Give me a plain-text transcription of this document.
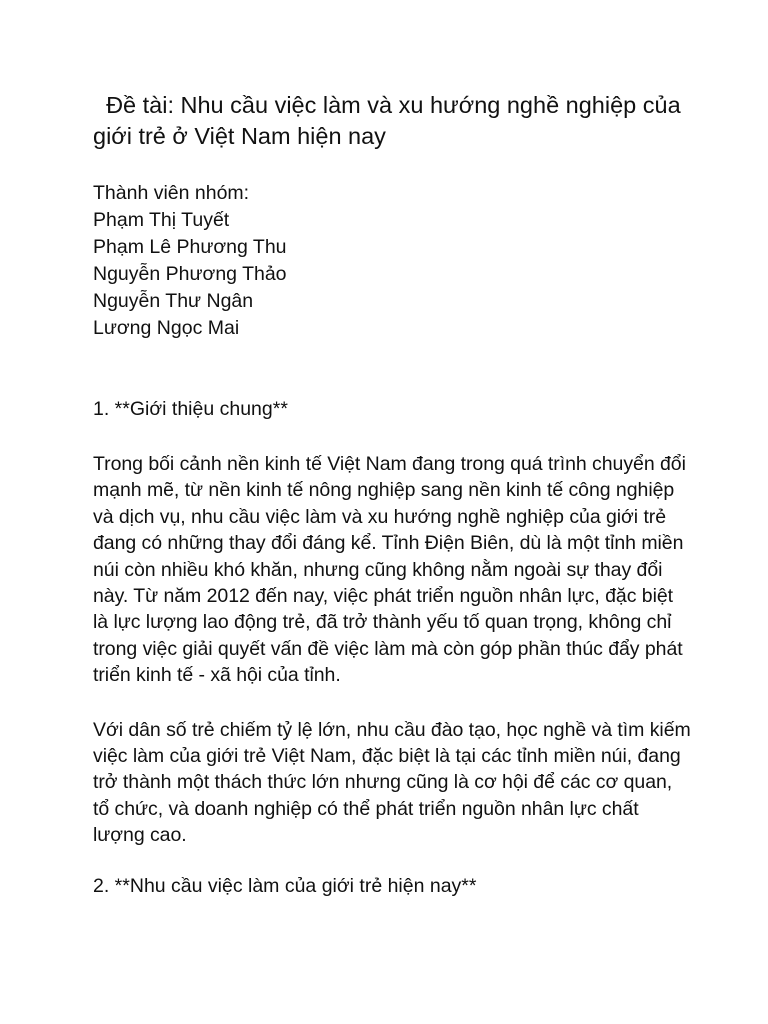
Đề tài: Nhu cầu việc làm và xu hướng nghề nghiệp của giới trẻ ở Việt Nam hiện nay
Thành viên nhóm:
Phạm Thị Tuyết
Phạm Lê Phương Thu
Nguyễn Phương Thảo
Nguyễn Thư Ngân
Lương Ngọc Mai
1. **Giới thiệu chung**

Trong bối cảnh nền kinh tế Việt Nam đang trong quá trình chuyển đổi mạnh mẽ, từ nền kinh tế nông nghiệp sang nền kinh tế công nghiệp và dịch vụ, nhu cầu việc làm và xu hướng nghề nghiệp của giới trẻ đang có những thay đổi đáng kể. Tỉnh Điện Biên, dù là một tỉnh miền núi còn nhiều khó khăn, nhưng cũng không nằm ngoài sự thay đổi này. Từ năm 2012 đến nay, việc phát triển nguồn nhân lực, đặc biệt là lực lượng lao động trẻ, đã trở thành yếu tố quan trọng, không chỉ trong việc giải quyết vấn đề việc làm mà còn góp phần thúc đẩy phát triển kinh tế - xã hội của tỉnh.

Với dân số trẻ chiếm tỷ lệ lớn, nhu cầu đào tạo, học nghề và tìm kiếm việc làm của giới trẻ Việt Nam, đặc biệt là tại các tỉnh miền núi, đang trở thành một thách thức lớn nhưng cũng là cơ hội để các cơ quan, tổ chức, và doanh nghiệp có thể phát triển nguồn nhân lực chất lượng cao.

2. **Nhu cầu việc làm của giới trẻ hiện nay**
